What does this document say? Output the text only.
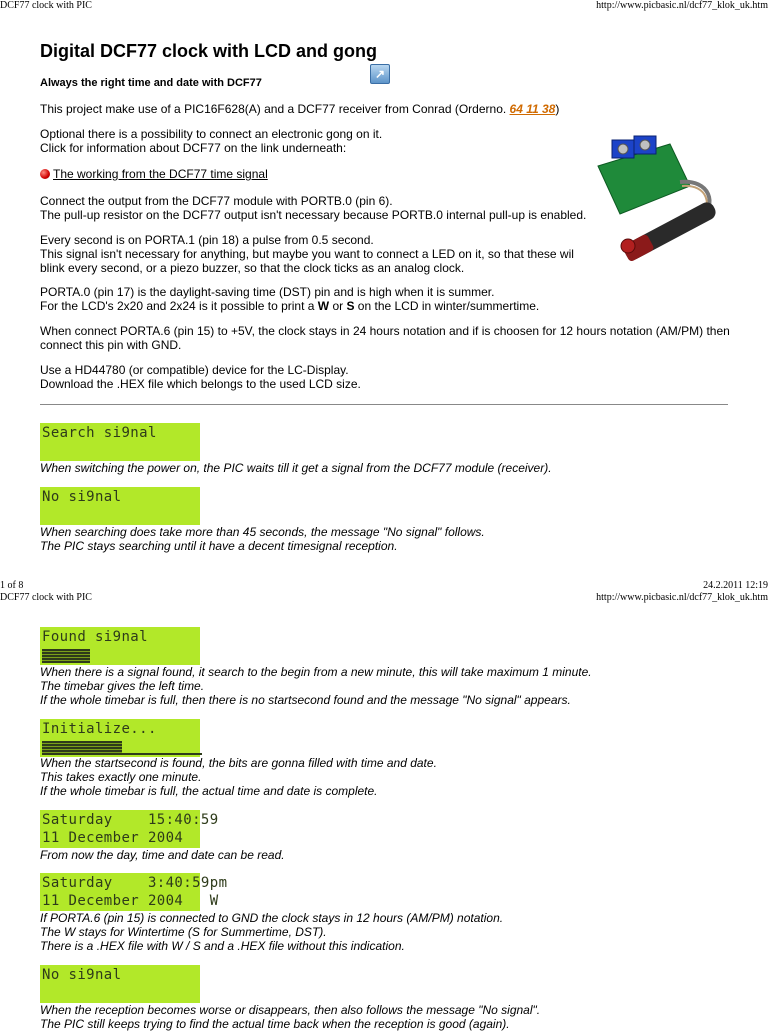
DCF77 clock with PIC	http://www.picbasic.nl/dcf77_klok_uk.htm
Digital DCF77 clock with LCD and gong
↗

Always the right time and date with DCF77

This project make use of a PIC16F628(A) and a DCF77 receiver from Conrad (Orderno. 64 11 38)

Optional there is a possibility to connect an electronic gong on it.

Click for information about DCF77 on the link underneath:

The working from the DCF77 time signal

Connect the output from the DCF77 module with PORTB.0 (pin 6).

The pull-up resistor on the DCF77 output isn't necessary because PORTB.0 internal pull-up is enabled.

Every second is on PORTA.1 (pin 18) a pulse from 0.5 second.

This signal isn't necessary for anything, but maybe you want to connect a LED on it, so that these wil

blink every second, or a piezo buzzer, so that the clock ticks as an analog clock.

PORTA.0 (pin 17) is the daylight-saving time (DST) pin and is high when it is summer.

For the LCD's 2x20 and 2x24 is it possible to print a W or S on the LCD in winter/summertime.

When connect PORTA.6 (pin 15) to +5V, the clock stays in 24 hours notation and if is choosen for 12 hours notation (AM/PM) then

connect this pin with GND.

Use a HD44780 (or compatible) device for the LC-Display.

Download the .HEX file which belongs to the used LCD size.

Search si9nal

When switching the power on, the PIC waits till it get a signal from the DCF77 module (receiver).

No si9nal

When searching does take more than 45 seconds, the message "No signal" follows.

The PIC stays searching until it have a decent timesignal reception.

1 of 8	24.2.2011 12:19
DCF77 clock with PIC	http://www.picbasic.nl/dcf77_klok_uk.htm
Found si9nal

When there is a signal found, it search to the begin from a new minute, this will take maximum 1 minute.

The timebar gives the left time.

If the whole timebar is full, then there is no startsecond found and the message "No signal" appears.

Initialize...

When the startsecond is found, the bits are gonna filled with time and date.

This takes exactly one minute.

If the whole timebar is full, the actual time and date is complete.

Saturday    15:40:59
11 December 2004

From now the day, time and date can be read.

Saturday    3:40:59pm
11 December 2004   W

If PORTA.6 (pin 15) is connected to GND the clock stays in 12 hours (AM/PM) notation.

The W stays for Wintertime (S for Summertime, DST).

There is a .HEX file with W / S and a .HEX file without this indication.

No si9nal

When the reception becomes worse or disappears, then also follows the message "No signal".

The PIC still keeps trying to find the actual time back when the reception is good (again).
